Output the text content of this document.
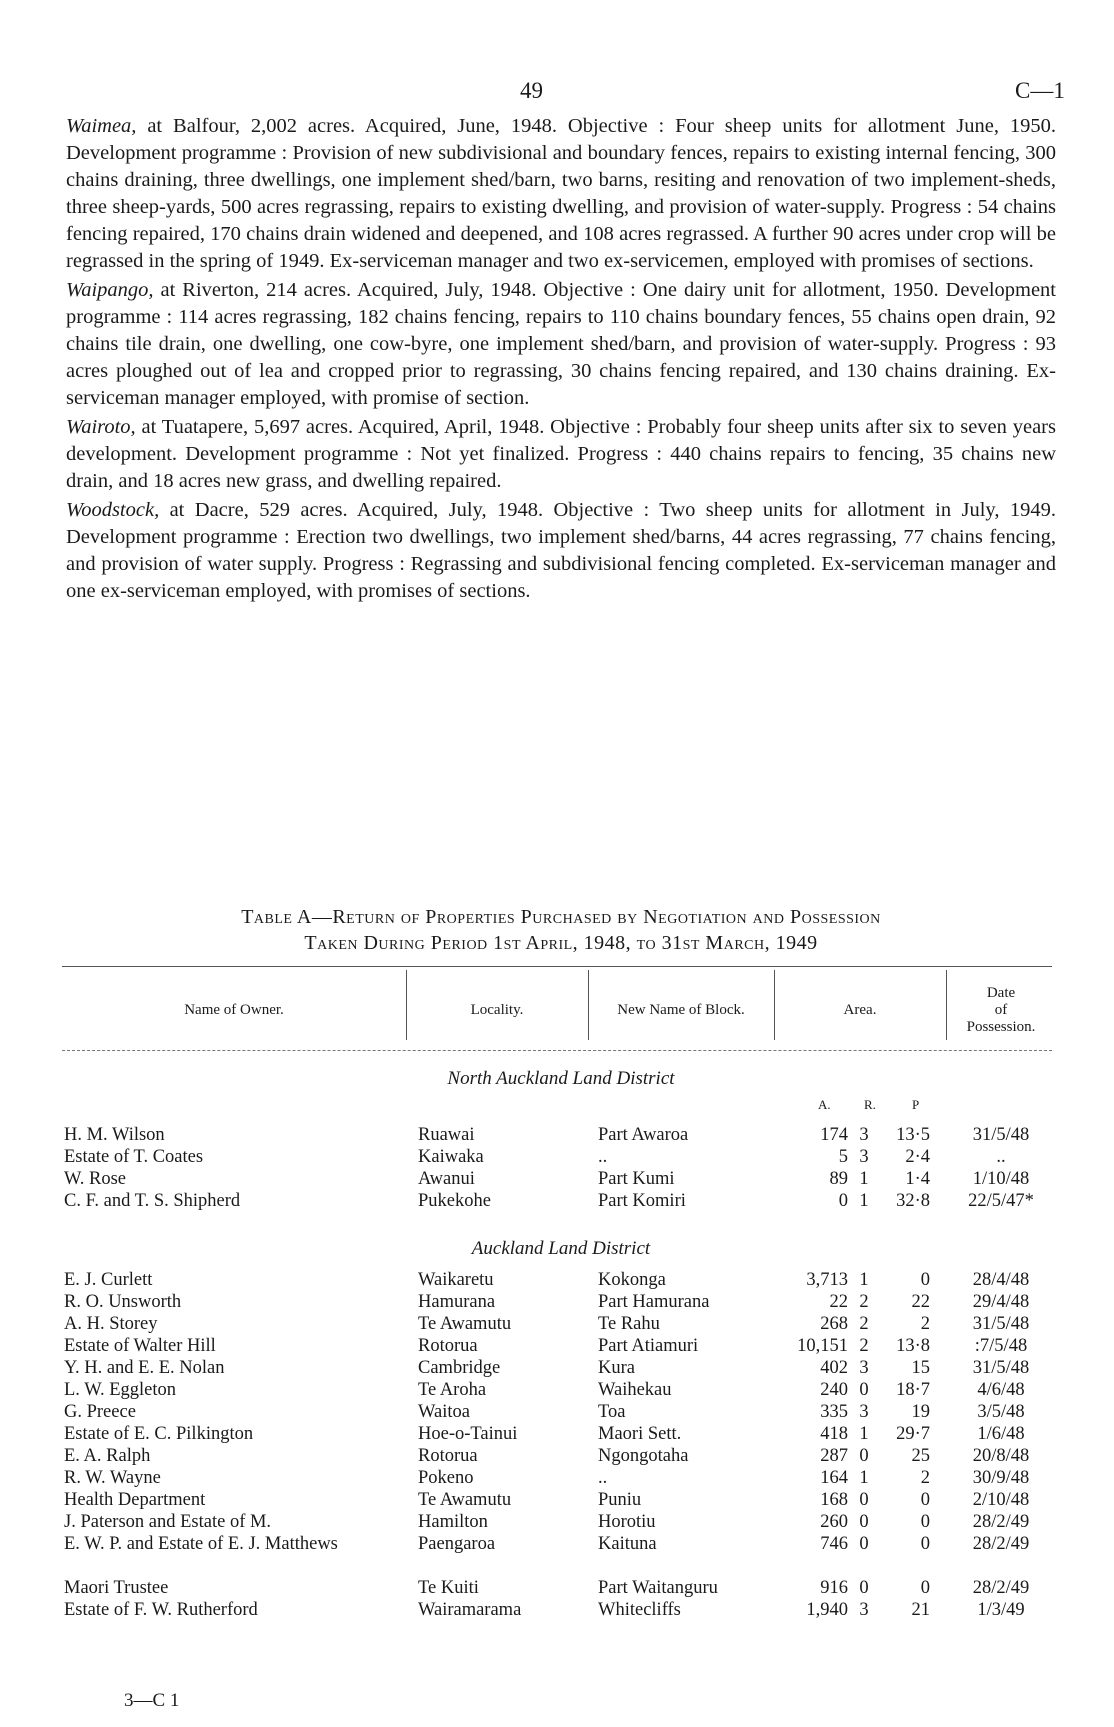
49	C—1

Waimea, at Balfour, 2,002 acres. Acquired, June, 1948. Objective : Four sheep units for allotment June, 1950. Development programme : Provision of new subdivisional and boundary fences, repairs to existing internal fencing, 300 chains draining, three dwellings, one implement shed/barn, two barns, resiting and renovation of two implement-sheds, three sheep-yards, 500 acres regrassing, repairs to existing dwelling, and provision of water-supply. Progress : 54 chains fencing repaired, 170 chains drain widened and deepened, and 108 acres regrassed. A further 90 acres under crop will be regrassed in the spring of 1949. Ex-serviceman manager and two ex-servicemen, employed with promises of sections.

Waipango, at Riverton, 214 acres. Acquired, July, 1948. Objective : One dairy unit for allotment, 1950. Development programme : 114 acres regrassing, 182 chains fencing, repairs to 110 chains boundary fences, 55 chains open drain, 92 chains tile drain, one dwelling, one cow-byre, one implement shed/barn, and provision of water-supply. Progress : 93 acres ploughed out of lea and cropped prior to regrassing, 30 chains fencing repaired, and 130 chains draining. Ex-serviceman manager employed, with promise of section.

Wairoto, at Tuatapere, 5,697 acres. Acquired, April, 1948. Objective : Probably four sheep units after six to seven years development. Development programme : Not yet finalized. Progress : 440 chains repairs to fencing, 35 chains new drain, and 18 acres new grass, and dwelling repaired.

Woodstock, at Dacre, 529 acres. Acquired, July, 1948. Objective : Two sheep units for allotment in July, 1949. Development programme : Erection two dwellings, two implement shed/barns, 44 acres regrassing, 77 chains fencing, and provision of water supply. Progress : Regrassing and subdivisional fencing completed. Ex-serviceman manager and one ex-serviceman employed, with promises of sections.

Table A—Return of Properties Purchased by Negotiation and Possession
Taken During Period 1st April, 1948, to 31st March, 1949
Name of Owner.	Locality.	New Name of Block.	Area.
Date
of
Possession.
North Auckland Land District
A.	R.	P
H. M. Wilson	Ruawai	Part Awaroa	174 3	13·5	31/5/48
Estate of T. Coates	Kaiwaka	..	5 3	2·4	..
W. Rose	Awanui	Part Kumi	89 1	1·4	1/10/48
C. F. and T. S. Shipherd	Pukekohe	Part Komiri	0 1	32·8	22/5/47*
Auckland Land District
E. J. Curlett	Waikaretu	Kokonga	3,713 1	0	28/4/48
R. O. Unsworth	Hamurana	Part Hamurana	22 2	22	29/4/48
A. H. Storey	Te Awamutu	Te Rahu	268 2	2	31/5/48
Estate of Walter Hill	Rotorua	Part Atiamuri	10,151 2	13·8	:7/5/48
Y. H. and E. E. Nolan	Cambridge	Kura	402 3	15	31/5/48
L. W. Eggleton	Te Aroha	Waihekau	240 0	18·7	4/6/48
G. Preece	Waitoa	Toa	335 3	19	3/5/48
Estate of E. C. Pilkington	Hoe-o-Tainui	Maori Sett.	418 1	29·7	1/6/48
E. A. Ralph	Rotorua	Ngongotaha	287 0	25	20/8/48
R. W. Wayne	Pokeno	..	164 1	2	30/9/48
Health Department	Te Awamutu	Puniu	168 0	0	2/10/48
J. Paterson and Estate of M.	Hamilton	Horotiu	260 0	0	28/2/49
E. W. P. and Estate of E. J. Matthews	Paengaroa	Kaituna	746 0	0	28/2/49
Maori Trustee	Te Kuiti	Part Waitanguru	916 0	0	28/2/49
Estate of F. W. Rutherford	Wairamarama	Whitecliffs	1,940 3	21	1/3/49
3—C 1
